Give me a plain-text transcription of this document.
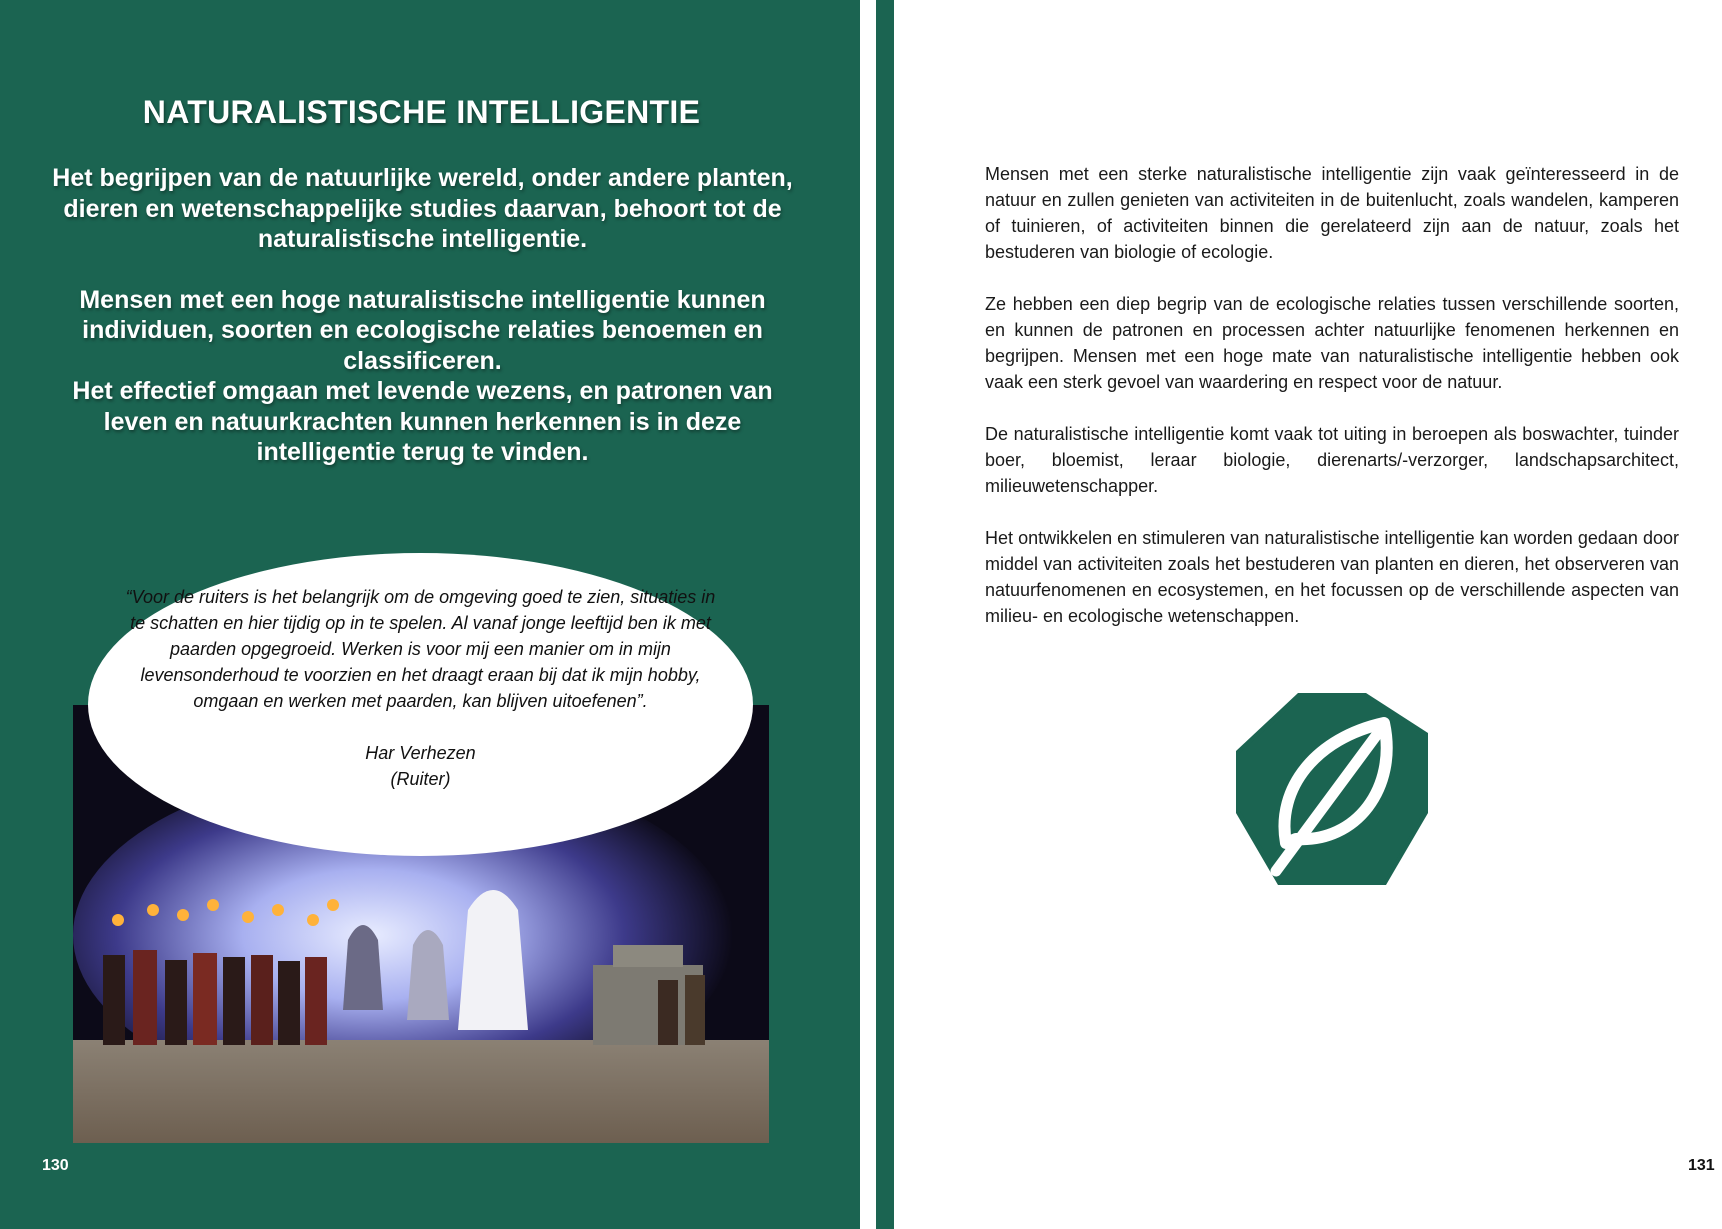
NATURALISTISCHE INTELLIGENTIE

Het begrijpen van de natuurlijke wereld, onder andere planten, dieren en wetenschappelijke studies daarvan, behoort tot de naturalistische intelligentie.

Mensen met een hoge naturalistische intelligentie kunnen individuen, soorten en ecologische relaties benoemen en classificeren.

Het effectief omgaan met levende wezens, en patronen van leven en natuurkrachten kunnen herkennen is in deze intelligentie terug te vinden.

“Voor de ruiters is het belangrijk om de omgeving goed te zien, situaties in te schatten en hier tijdig op in te spelen. Al vanaf jonge leeftijd ben ik met paarden opgegroeid. Werken is voor mij een manier om in mijn levensonderhoud te voorzien en het draagt eraan bij dat ik mijn hobby, omgaan en werken met paarden, kan blijven uitoefenen”.

Har Verhezen

(Ruiter)

130

Mensen met een sterke naturalistische intelligentie zijn vaak geïnteresseerd in de natuur en zullen genieten van activiteiten in de buitenlucht, zoals wandelen, kamperen of tuinieren, of activiteiten binnen die gerelateerd zijn aan de natuur, zoals het bestuderen van biologie of ecologie.

Ze hebben een diep begrip van de ecologische relaties tussen verschillende soorten, en kunnen de patronen en processen achter natuurlijke fenomenen herkennen en begrijpen. Mensen met een hoge mate van naturalistische intelligentie hebben ook vaak een sterk gevoel van waardering en respect voor de natuur.

De naturalistische intelligentie komt vaak tot uiting in beroepen als boswachter, tuinder boer, bloemist, leraar biologie, dierenarts/-verzorger, landschapsarchitect, milieuwetenschapper.

Het ontwikkelen en stimuleren van naturalistische intelligentie kan worden gedaan door middel van activiteiten zoals het bestuderen van planten en dieren, het observeren van natuurfenomenen en ecosystemen, en het focussen op de verschillende aspecten van milieu- en ecologische wetenschappen.

131
